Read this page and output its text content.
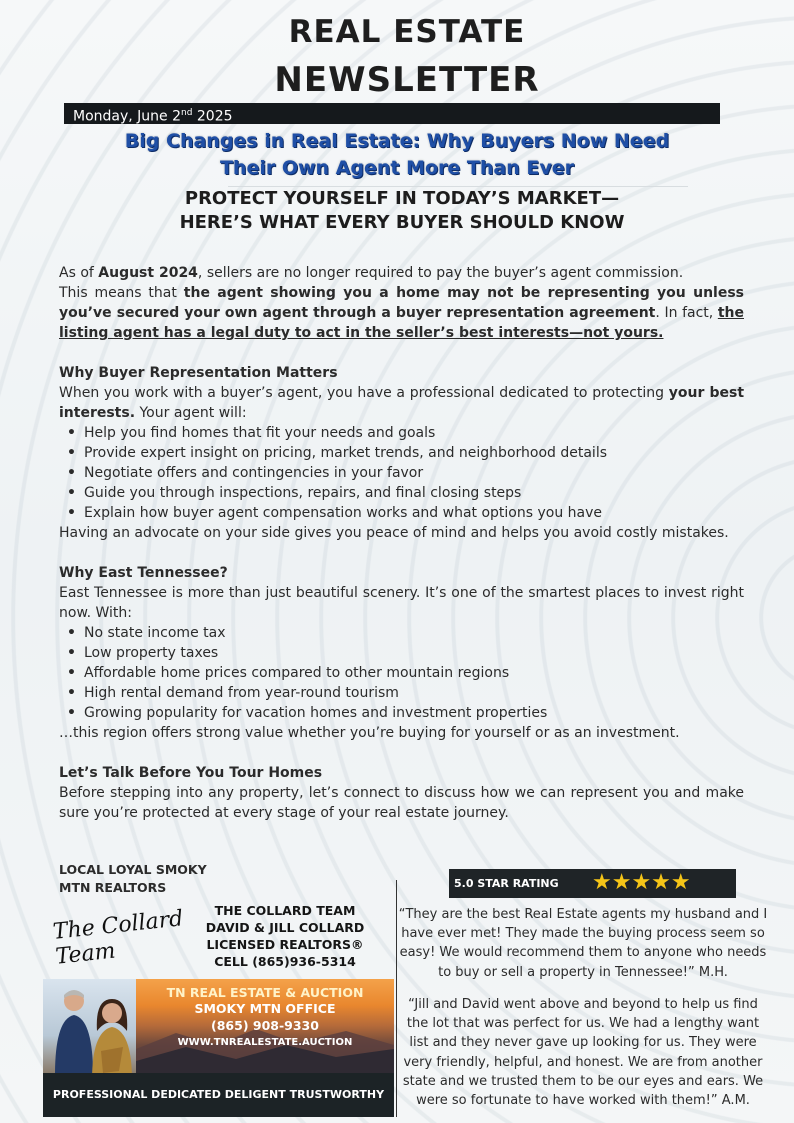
REAL ESTATE
NEWSLETTER
Monday, June 2nd 2025
Big Changes in Real Estate: Why Buyers Now Need
Their Own Agent More Than Ever
PROTECT YOURSELF IN TODAY’S MARKET—
HERE’S WHAT EVERY BUYER SHOULD KNOW

As of August 2024, sellers are no longer required to pay the buyer’s agent commission.

This means that the agent showing you a home may not be representing you unless you’ve secured your own agent through a buyer representation agreement. In fact, the listing agent has a legal duty to act in the seller’s best interests—not yours.

Why Buyer Representation Matters

When you work with a buyer’s agent, you have a professional dedicated to protecting your best interests. Your agent will:

• Help you find homes that fit your needs and goals
• Provide expert insight on pricing, market trends, and neighborhood details
• Negotiate offers and contingencies in your favor
• Guide you through inspections, repairs, and final closing steps
• Explain how buyer agent compensation works and what options you have

Having an advocate on your side gives you peace of mind and helps you avoid costly mistakes.

Why East Tennessee?

East Tennessee is more than just beautiful scenery. It’s one of the smartest places to invest right now. With:

• No state income tax
• Low property taxes
• Affordable home prices compared to other mountain regions
• High rental demand from year-round tourism
• Growing popularity for vacation homes and investment properties

…this region offers strong value whether you’re buying for yourself or as an investment.

Let’s Talk Before You Tour Homes

Before stepping into any property, let’s connect to discuss how we can represent you and make sure you’re protected at every stage of your real estate journey.

LOCAL LOYAL SMOKY
MTN REALTORS
The Collard Team
THE COLLARD TEAM
DAVID & JILL COLLARD
LICENSED REALTORS®
CELL (865)936-5314
TN REAL ESTATE & AUCTION
SMOKY MTN OFFICE
(865) 908-9330
WWW.TNREALESTATE.AUCTION
PROFESSIONAL DEDICATED DELIGENT TRUSTWORTHY
5.0 STAR RATING ★★★★★
“They are the best Real Estate agents my husband and I have ever met! They made the buying process seem so easy! We would recommend them to anyone who needs to buy or sell a property in Tennessee!” M.H.
“Jill and David went above and beyond to help us find the lot that was perfect for us. We had a lengthy want list and they never gave up looking for us. They were very friendly, helpful, and honest. We are from another state and we trusted them to be our eyes and ears. We were so fortunate to have worked with them!” A.M.
